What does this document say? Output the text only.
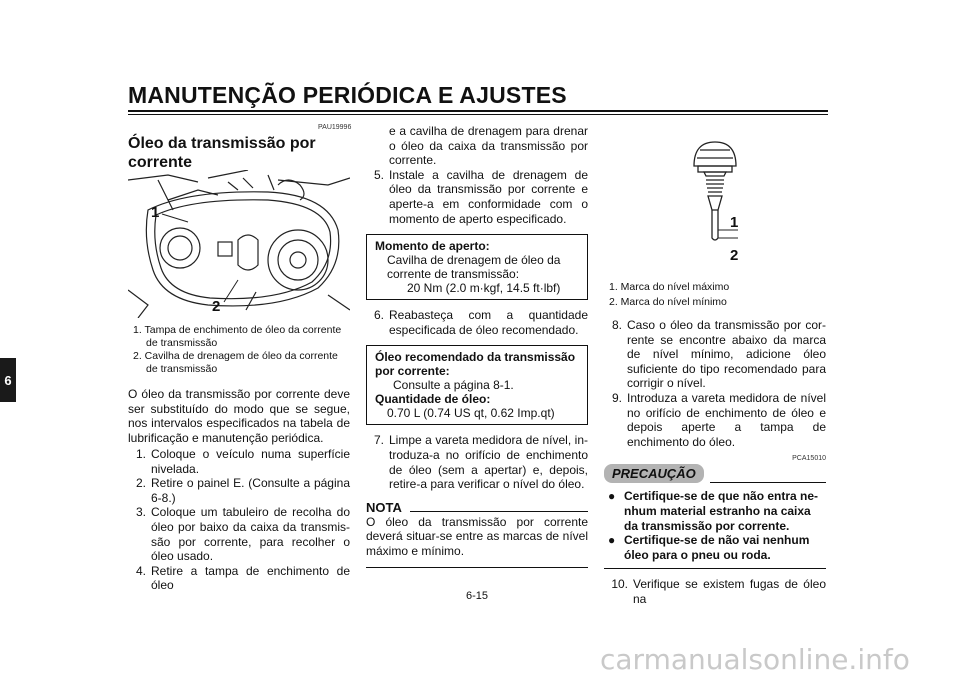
MANUTENÇÃO PERIÓDICA E AJUSTES
6
PAU19996
Óleo da transmissão por
corrente
1
2
1. Tampa de enchimento de óleo da corrente
de transmissão
2. Cavilha de drenagem de óleo da corrente
de transmissão

O óleo da transmissão por corrente deve ser substituído do modo que se segue, nos intervalos especificados na tabela de lubrificação e manutenção periódica.

1. Coloque o veículo numa superfície nivelada.
2. Retire o painel E. (Consulte a página 6-8.)
3. Coloque um tabuleiro de recolha do óleo por baixo da caixa da transmissão por corrente, para recolher o óleo usado.
4. Retire a tampa de enchimento de óleo
e a cavilha de drenagem para drenar o óleo da caixa da transmissão por corrente.
5. Instale a cavilha de drenagem de óleo da transmissão por corrente e aperte-a em conformidade com o momento de aperto especificado.
Momento de aperto:
Cavilha de drenagem de óleo da
corrente de transmissão:
20 Nm (2.0 m·kgf, 14.5 ft·lbf)
6. Reabasteça com a quantidade especificada de óleo recomendado.
Óleo recomendado da transmissão
por corrente:
Consulte a página 8-1.
Quantidade de óleo:
0.70 L (0.74 US qt, 0.62 Imp.qt)
7. Limpe a vareta medidora de nível, introduza-a no orifício de enchimento de óleo (sem a apertar) e, depois, retire-a para verificar o nível do óleo.
NOTA

O óleo da transmissão por corrente deverá situar-se entre as marcas de nível máximo e mínimo.

1
2
1. Marca do nível máximo
2. Marca do nível mínimo
8. Caso o óleo da transmissão por corrente se encontre abaixo da marca de nível mínimo, adicione óleo suficiente do tipo recomendado para corrigir o nível.
9. Introduza a vareta medidora de nível no orifício de enchimento de óleo e depois aperte a tampa de enchimento do óleo.
PCA15010
PRECAUÇÃO
● Certifique-se de que não entra nenhum material estranho na caixa da transmissão por corrente.
● Certifique-se de não vai nenhum óleo para o pneu ou roda.
10. Verifique se existem fugas de óleo na
6-15
carmanualsonline.info
